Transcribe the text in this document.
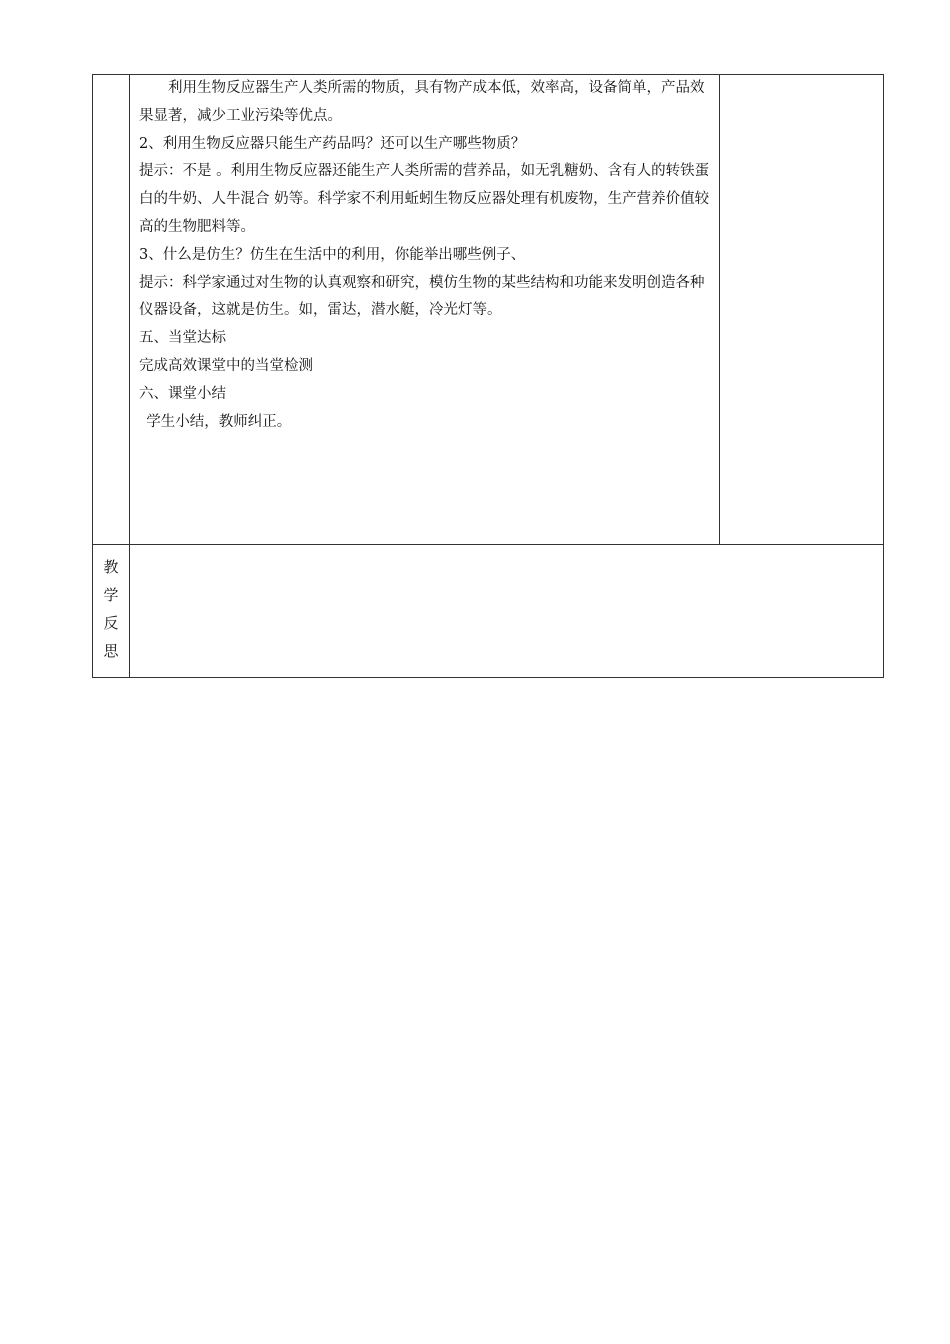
利用生物反应器生产人类所需的物质，具有物产成本低，效率高，设备简单，产品效果显著，减少工业污染等优点。

2、利用生物反应器只能生产药品吗？还可以生产哪些物质？

提示：不是 。利用生物反应器还能生产人类所需的营养品，如无乳糖奶、含有人的转铁蛋白的牛奶、人牛混合 奶等。科学家不利用蚯蚓生物反应器处理有机废物，生产营养价值较高的生物肥料等。

3、什么是仿生？仿生在生活中的利用，你能举出哪些例子、

提示：科学家通过对生物的认真观察和研究，模仿生物的某些结构和功能来发明创造各种仪器设备，这就是仿生。如，雷达，潜水艇，冷光灯等。

五、当堂达标

完成高效课堂中的当堂检测

六、课堂小结

学生小结，教师纠正。

教
学
反
思
